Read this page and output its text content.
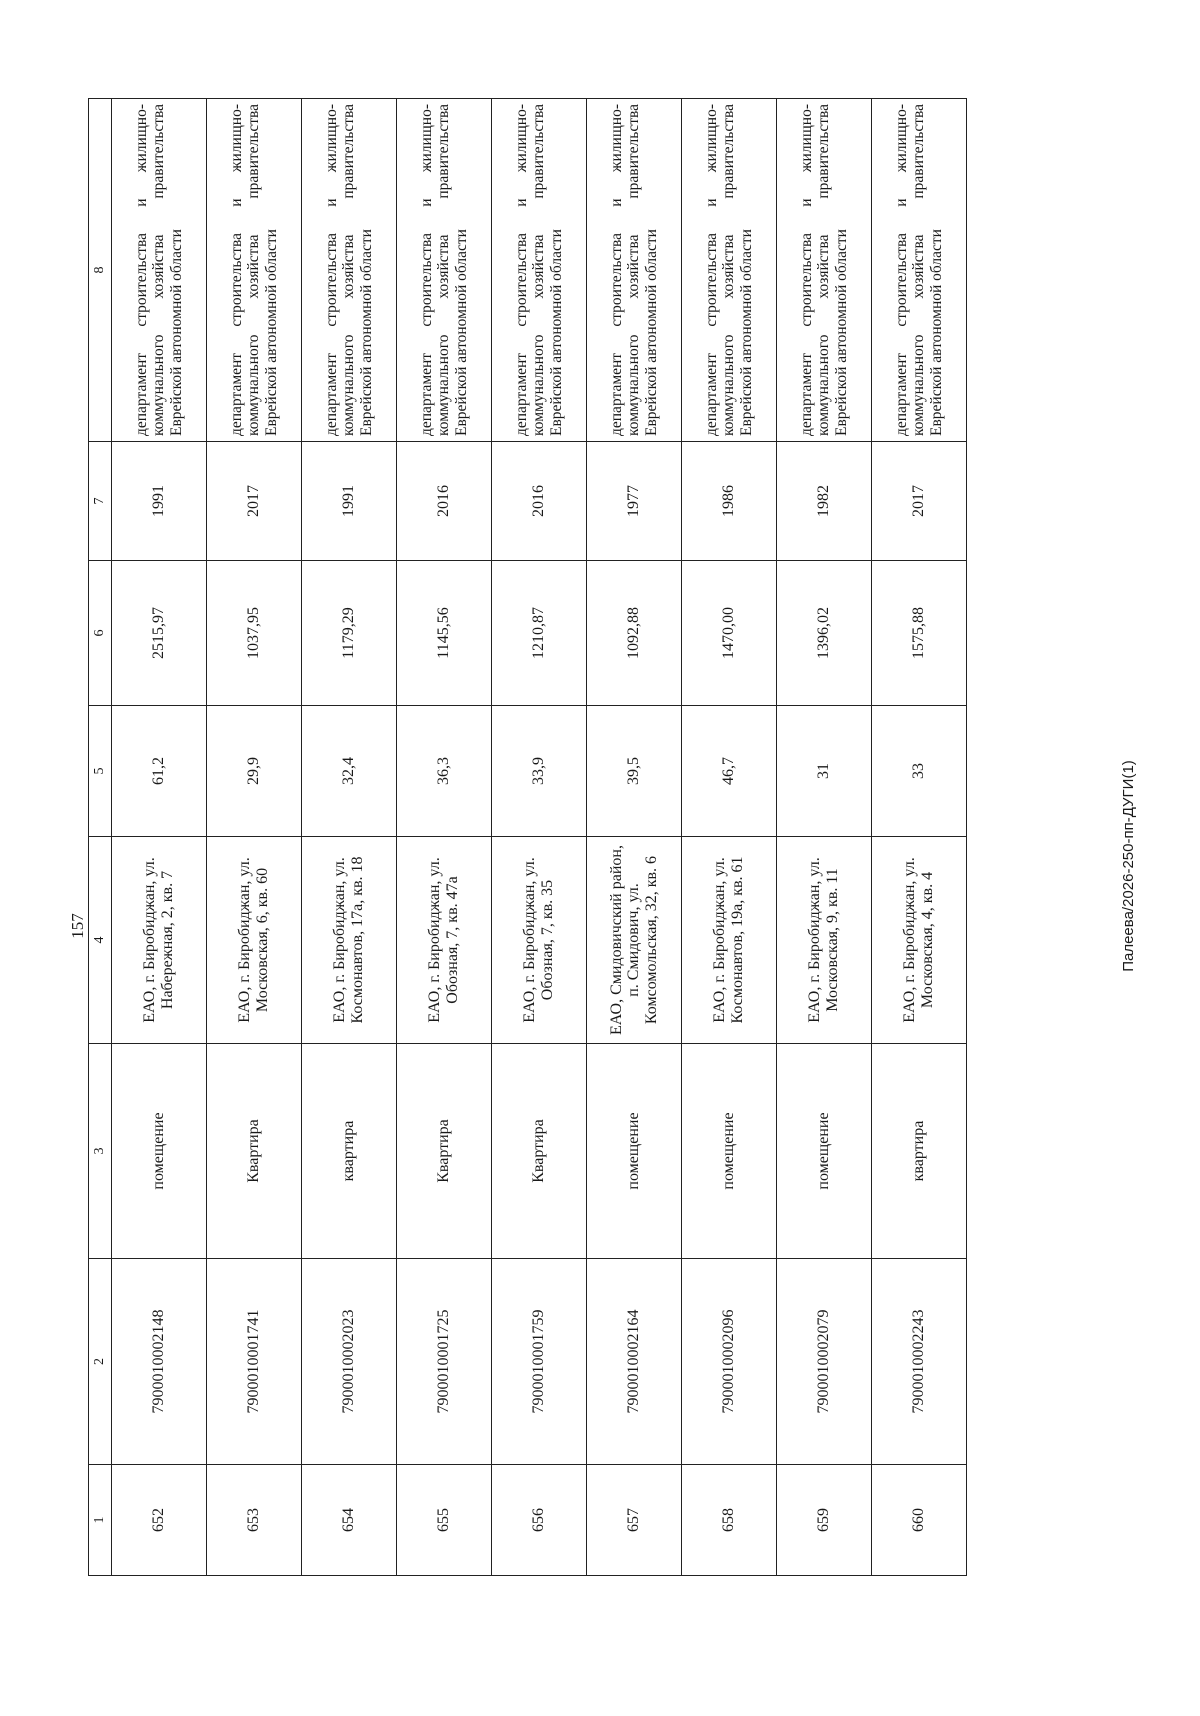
157
1	2	3	4	5	6	7	8
652	7900010002148	помещение	ЕАО, г. Биробиджан, ул. Набережная, 2, кв. 7	61,2	2515,97	1991	департамент строительства и жилищно-коммунального хозяйства правительства Еврейской автономной области
653	7900010001741	Квартира	ЕАО, г. Биробиджан, ул. Московская, 6, кв. 60	29,9	1037,95	2017	департамент строительства и жилищно-коммунального хозяйства правительства Еврейской автономной области
654	7900010002023	квартира	ЕАО, г. Биробиджан, ул. Космонавтов, 17а, кв. 18	32,4	1179,29	1991	департамент строительства и жилищно-коммунального хозяйства правительства Еврейской автономной области
655	7900010001725	Квартира	ЕАО, г. Биробиджан, ул. Обозная, 7, кв. 47а	36,3	1145,56	2016	департамент строительства и жилищно-коммунального хозяйства правительства Еврейской автономной области
656	7900010001759	Квартира	ЕАО, г. Биробиджан, ул. Обозная, 7, кв. 35	33,9	1210,87	2016	департамент строительства и жилищно-коммунального хозяйства правительства Еврейской автономной области
657	7900010002164	помещение	ЕАО, Смидовичский район, п. Смидович, ул. Комсомольская, 32, кв. 6	39,5	1092,88	1977	департамент строительства и жилищно-коммунального хозяйства правительства Еврейской автономной области
658	7900010002096	помещение	ЕАО, г. Биробиджан, ул. Космонавтов, 19а, кв. 61	46,7	1470,00	1986	департамент строительства и жилищно-коммунального хозяйства правительства Еврейской автономной области
659	7900010002079	помещение	ЕАО, г. Биробиджан, ул. Московская, 9, кв. 11	31	1396,02	1982	департамент строительства и жилищно-коммунального хозяйства правительства Еврейской автономной области
660	7900010002243	квартира	ЕАО, г. Биробиджан, ул. Московская, 4, кв. 4	33	1575,88	2017	департамент строительства и жилищно-коммунального хозяйства правительства Еврейской автономной области
Палеева/2026-250-пп-ДУГИ(1)
